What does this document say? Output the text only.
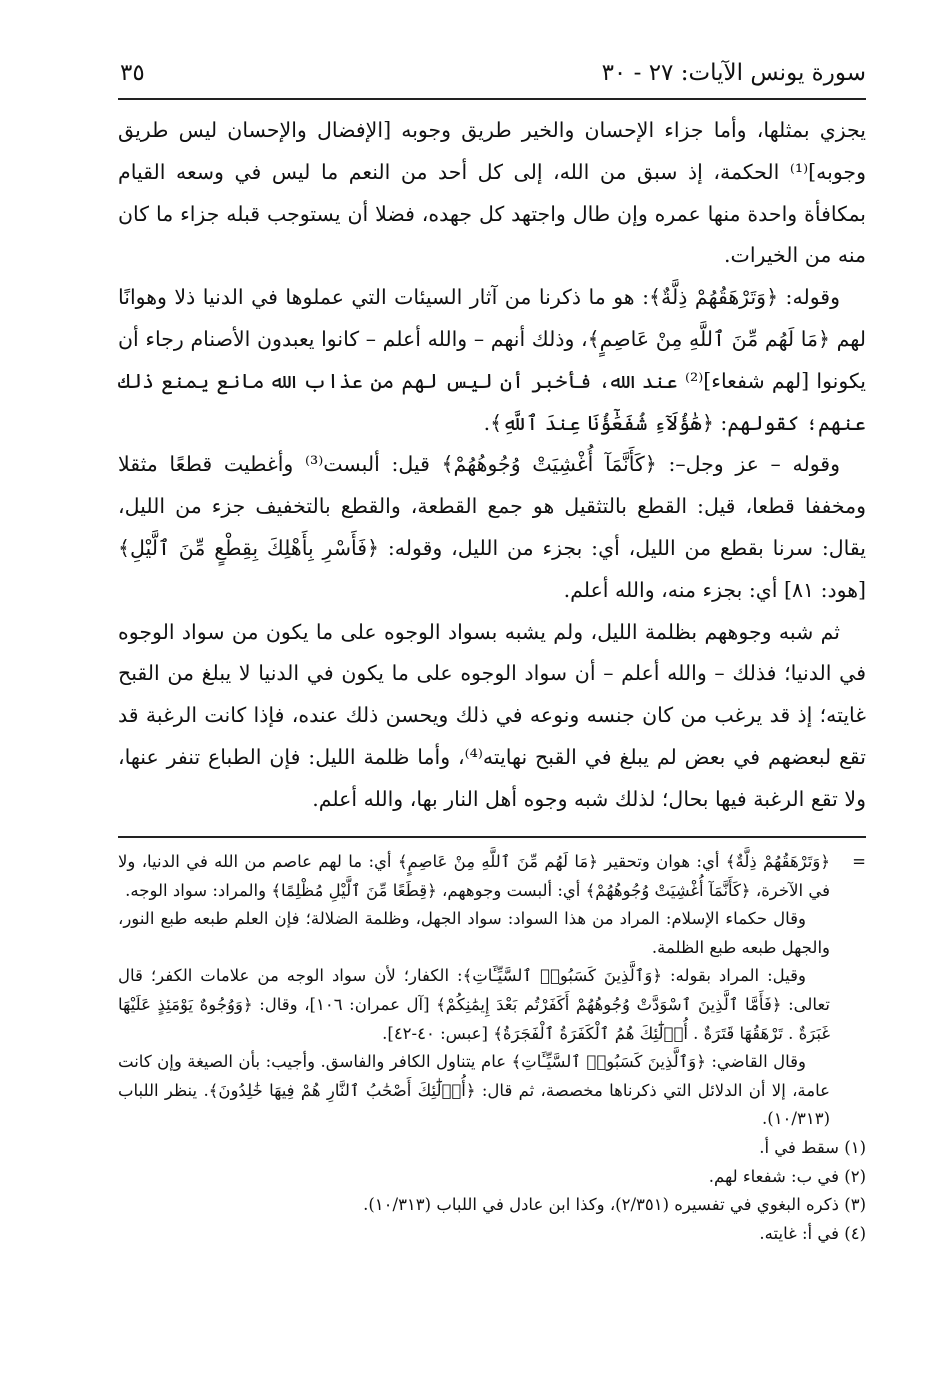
سورة يونس الآيات: ٢٧ - ٣٠
٣٥

يجزي بمثلها، وأما جزاء الإحسان والخير طريق وجوبه [الإفضال والإحسان ليس طريق وجوبه]⁽¹⁾ الحكمة، إذ سبق من الله، إلى كل أحد من النعم ما ليس في وسعه القيام بمكافأة واحدة منها عمره وإن طال واجتهد كل جهده، فضلا أن يستوجب قبله جزاء ما كان منه من الخيرات.

وقوله: ﴿وَتَرْهَقُهُمْ ذِلَّةٌ﴾: هو ما ذكرنا من آثار السيئات التي عملوها في الدنيا ذلا وهوانًا لهم ﴿مَا لَهُم مِّنَ ٱللَّهِ مِنْ عَاصِمٍ﴾، وذلك أنهم – والله أعلم – كانوا يعبدون الأصنام رجاء أن يكونوا [لهم شفعاء]⁽²⁾ عند الله، فأخبر أن ليس لهم من عذاب الله مانع يمنع ذلك عنهم؛ كقولهم: ﴿هَٰؤُلَآءِ شُفَعَٰٓؤُنَا عِندَ ٱللَّهِ﴾.

وقوله – عز وجل–: ﴿كَأَنَّمَآ أُغْشِيَتْ وُجُوهُهُمْ﴾ قيل: ألبست⁽³⁾ وأغطيت قطعًا مثقلا ومخففا قطعا، قيل: القطع بالتثقيل هو جمع القطعة، والقطع بالتخفيف جزء من الليل، يقال: سرنا بقطع من الليل، أي: بجزء من الليل، وقوله: ﴿فَأَسْرِ بِأَهْلِكَ بِقِطْعٍ مِّنَ ٱلَّيْلِ﴾ [هود: ٨١] أي: بجزء منه، والله أعلم.

ثم شبه وجوههم بظلمة الليل، ولم يشبه بسواد الوجوه على ما يكون من سواد الوجوه في الدنيا؛ فذلك – والله أعلم – أن سواد الوجوه على ما يكون في الدنيا لا يبلغ من القبح غايته؛ إذ قد يرغب من كان جنسه ونوعه في ذلك ويحسن ذلك عنده، فإذا كانت الرغبة قد تقع لبعضهم في بعض لم يبلغ في القبح نهايته⁽⁴⁾، وأما ظلمة الليل: فإن الطباع تنفر عنها، ولا تقع الرغبة فيها بحال؛ لذلك شبه وجوه أهل النار بها، والله أعلم.

=
﴿وَتَرْهَقُهُمْ ذِلَّةٌ﴾ أي: هوان وتحقير ﴿مَا لَهُم مِّنَ ٱللَّهِ مِنْ عَاصِمٍ﴾ أي: ما لهم عاصم من الله في الدنيا، ولا في الآخرة، ﴿كَأَنَّمَآ أُغْشِيَتْ وُجُوهُهُمْ﴾ أي: ألبست وجوههم، ﴿قِطَعًا مِّنَ ٱلَّيْلِ مُظْلِمًا﴾ والمراد: سواد الوجه.

وقال حكماء الإسلام: المراد من هذا السواد: سواد الجهل، وظلمة الضلالة؛ فإن العلم طبعه طبع النور، والجهل طبعه طبع الظلمة.

وقيل: المراد بقوله: ﴿وَٱلَّذِينَ كَسَبُوا۟ ٱلسَّيِّـَٔاتِ﴾: الكفار؛ لأن سواد الوجه من علامات الكفر؛ قال تعالى: ﴿فَأَمَّا ٱلَّذِينَ ٱسْوَدَّتْ وُجُوهُهُمْ أَكَفَرْتُم بَعْدَ إِيمَٰنِكُمْ﴾ [آل عمران: ١٠٦]، وقال: ﴿وَوُجُوهٌ يَوْمَئِذٍ عَلَيْهَا غَبَرَةٌ . تَرْهَقُهَا قَتَرَةٌ . أُو۟لَٰٓئِكَ هُمُ ٱلْكَفَرَةُ ٱلْفَجَرَةُ﴾ [عبس: ٤٠-٤٢].

وقال القاضي: ﴿وَٱلَّذِينَ كَسَبُوا۟ ٱلسَّيِّـَٔاتِ﴾ عام يتناول الكافر والفاسق. وأجيب: بأن الصيغة وإن كانت عامة، إلا أن الدلائل التي ذكرناها مخصصة، ثم قال: ﴿أُو۟لَٰٓئِكَ أَصْحَٰبُ ٱلنَّارِ هُمْ فِيهَا خَٰلِدُونَ﴾. ينظر اللباب (١٠/٣١٣).

(١) سقط في أ.

(٢) في ب: شفعاء لهم.

(٣) ذكره البغوي في تفسيره (٢/٣٥١)، وكذا ابن عادل في اللباب (١٠/٣١٣).

(٤) في أ: غايته.
